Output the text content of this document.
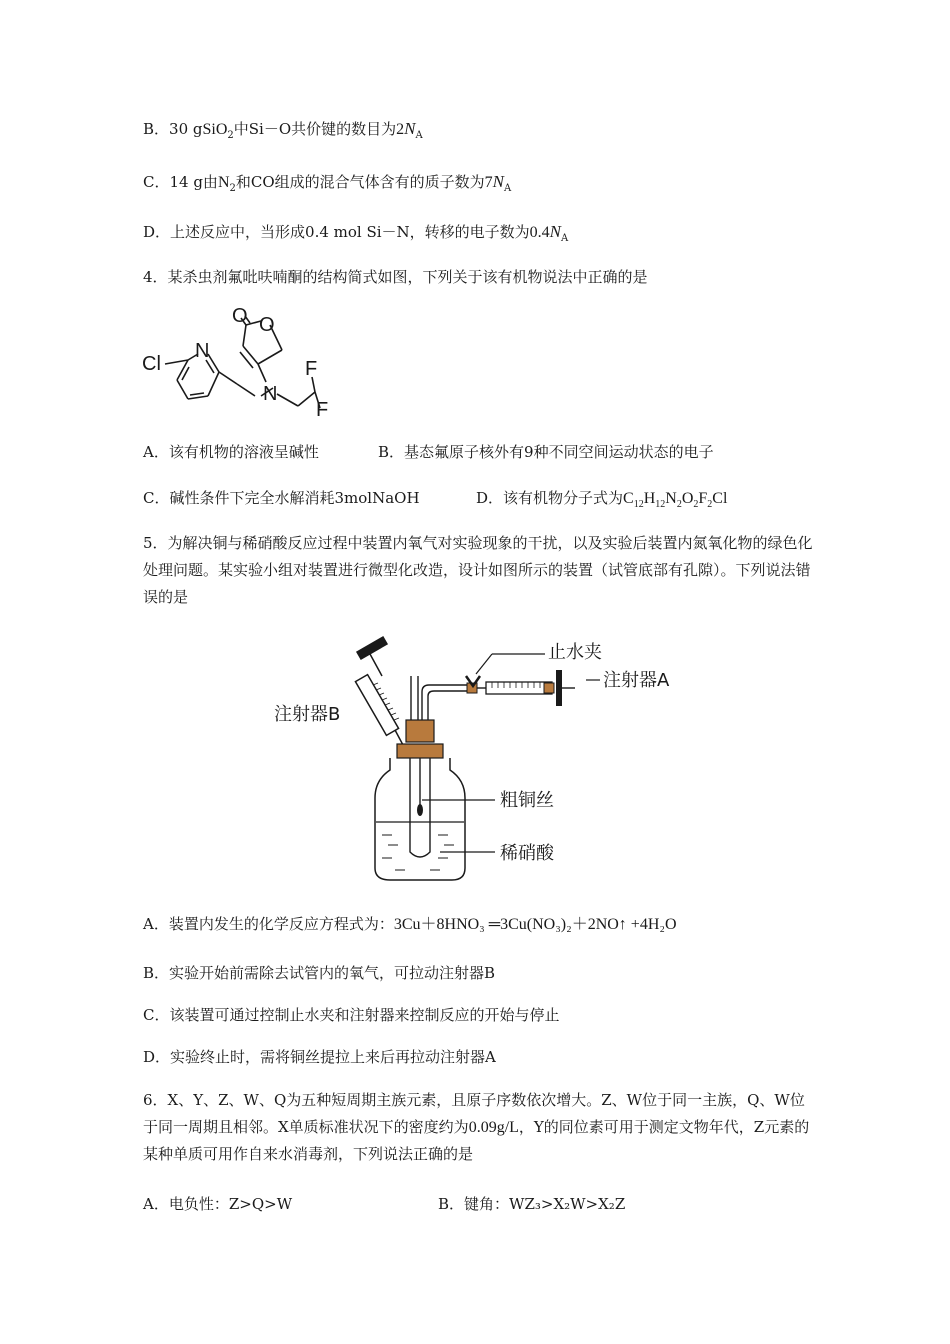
B．30 gSiO$_2$中Si－O共价键的数目为$2N_A$
C．14 g由$N_2$和CO组成的混合气体含有的质子数为$7N_A$
D．上述反应中，当形成0.4 mol Si－N，转移的电子数为$0.4N_A$
4．某杀虫剂氟吡呋喃酮的结构简式如图，下列关于该有机物说法中正确的是
Cl
N
O O
N
F
F
A．该有机物的溶液呈碱性	B．基态氟原子核外有9种不同空间运动状态的电子
C．碱性条件下完全水解消耗3molNaOH	D．该有机物分子式为$C_{12}H_{12}N_2O_2F_2Cl$
5．为解决铜与稀硝酸反应过程中装置内氧气对实验现象的干扰，以及实验后装置内氮氧化物的绿色化处理问题。某实验小组对装置进行微型化改造，设计如图所示的装置（试管底部有孔隙）。下列说法错误的是
止水夹
注射器A
注射器B
粗铜丝
稀硝酸
A．装置内发生的化学反应方程式为：3Cu＋8HNO₃ ═3Cu(NO₃)₂＋2NO↑ +4H₂O
B．实验开始前需除去试管内的氧气，可拉动注射器B
C．该装置可通过控制止水夹和注射器来控制反应的开始与停止
D．实验终止时，需将铜丝提拉上来后再拉动注射器A
6．X、Y、Z、W、Q为五种短周期主族元素，且原子序数依次增大。Z、W位于同一主族，Q、W位于同一周期且相邻。X单质标准状况下的密度约为0.09g/L，Y的同位素可用于测定文物年代，Z元素的某种单质可用作自来水消毒剂，下列说法正确的是
A．电负性：Z>Q>W	B．键角：WZ₃>X₂W>X₂Z
